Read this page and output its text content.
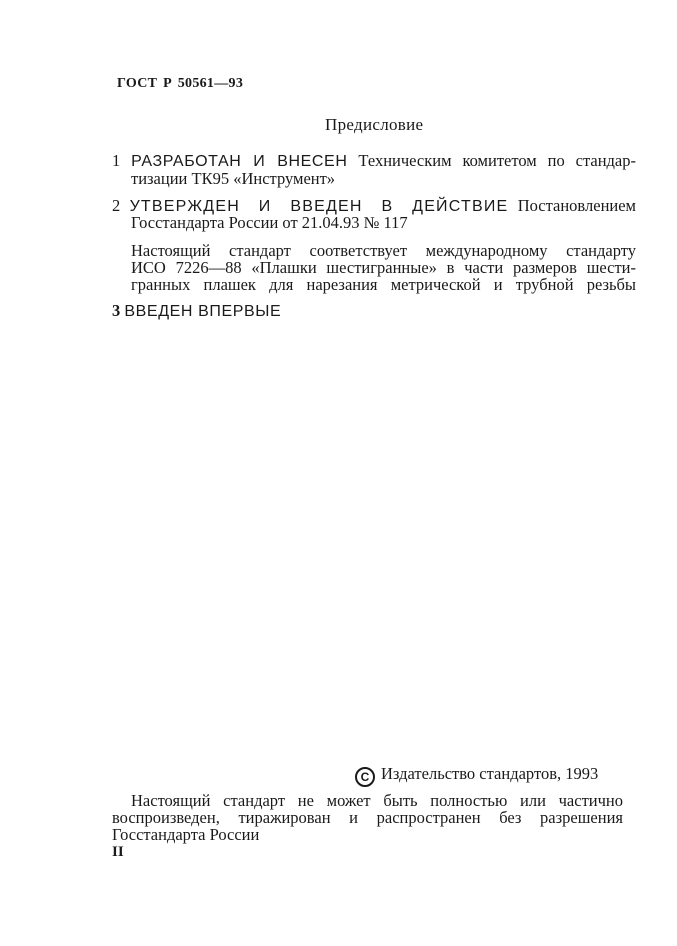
ГОСТ Р 50561—93
Предисловие
1 РАЗРАБОТАН И ВНЕСЕН Техническим комитетом по стандар-
тизации ТК95 «Инструмент»
2 УТВЕРЖДЕН И ВВЕДЕН В ДЕЙСТВИЕ Постановлением
Госстандарта России от 21.04.93 № 117
Настоящий стандарт соответствует международному стандарту
ИСО 7226—88 «Плашки шестигранные» в части размеров шести-
гранных плашек для нарезания метрической и трубной резьбы
3 ВВЕДЕН ВПЕРВЫЕ
C Издательство стандартов, 1993
Настоящий стандарт не может быть полностью или частично
воспроизведен, тиражирован и распространен без разрешения
Госстандарта России
II
